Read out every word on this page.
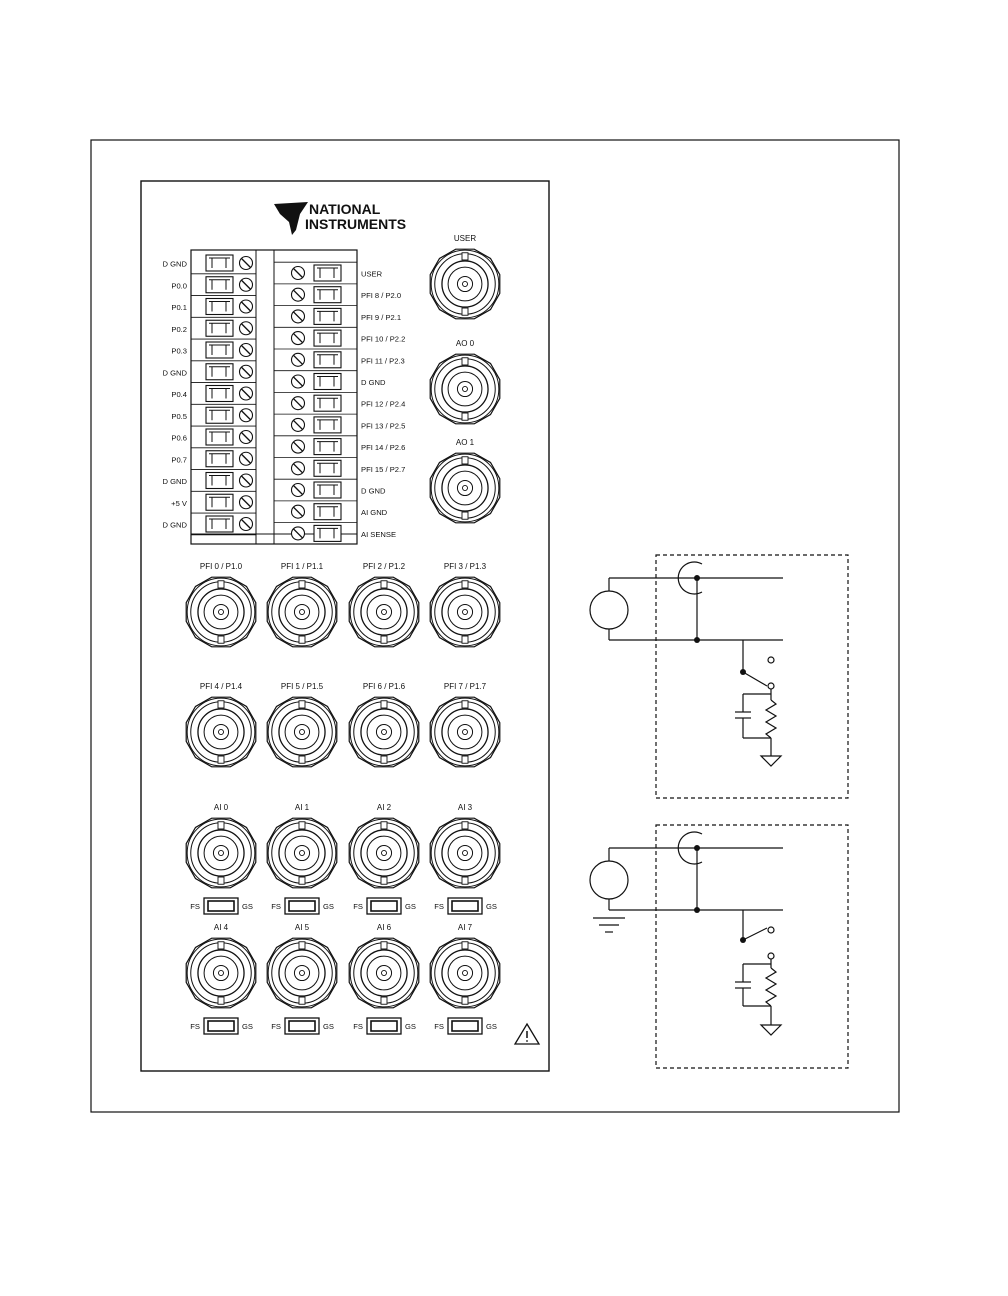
NATIONAL
INSTRUMENTS
D GND
P0.0
P0.1
P0.2
P0.3
D GND
P0.4
P0.5
P0.6
P0.7
D GND
+5 V
D GND
USER
PFI 8 / P2.0
PFI 9 / P2.1
PFI 10 / P2.2
PFI 11 / P2.3
D GND
PFI 12 / P2.4
PFI 13 / P2.5
PFI 14 / P2.6
PFI 15 / P2.7
D GND
AI GND
AI SENSE
USER
AO 0
AO 1
PFI 0 / P1.0	PFI 1 / P1.1	PFI 2 / P1.2	PFI 3 / P1.3
PFI 4 / P1.4	PFI 5 / P1.5	PFI 6 / P1.6	PFI 7 / P1.7
AI 0	AI 1	AI 2	AI 3
AI 4	AI 5	AI 6	AI 7
FS	GS FS	GS	FS	GS FS	GS
FS	GS FS	GS	FS	GS FS	GS
